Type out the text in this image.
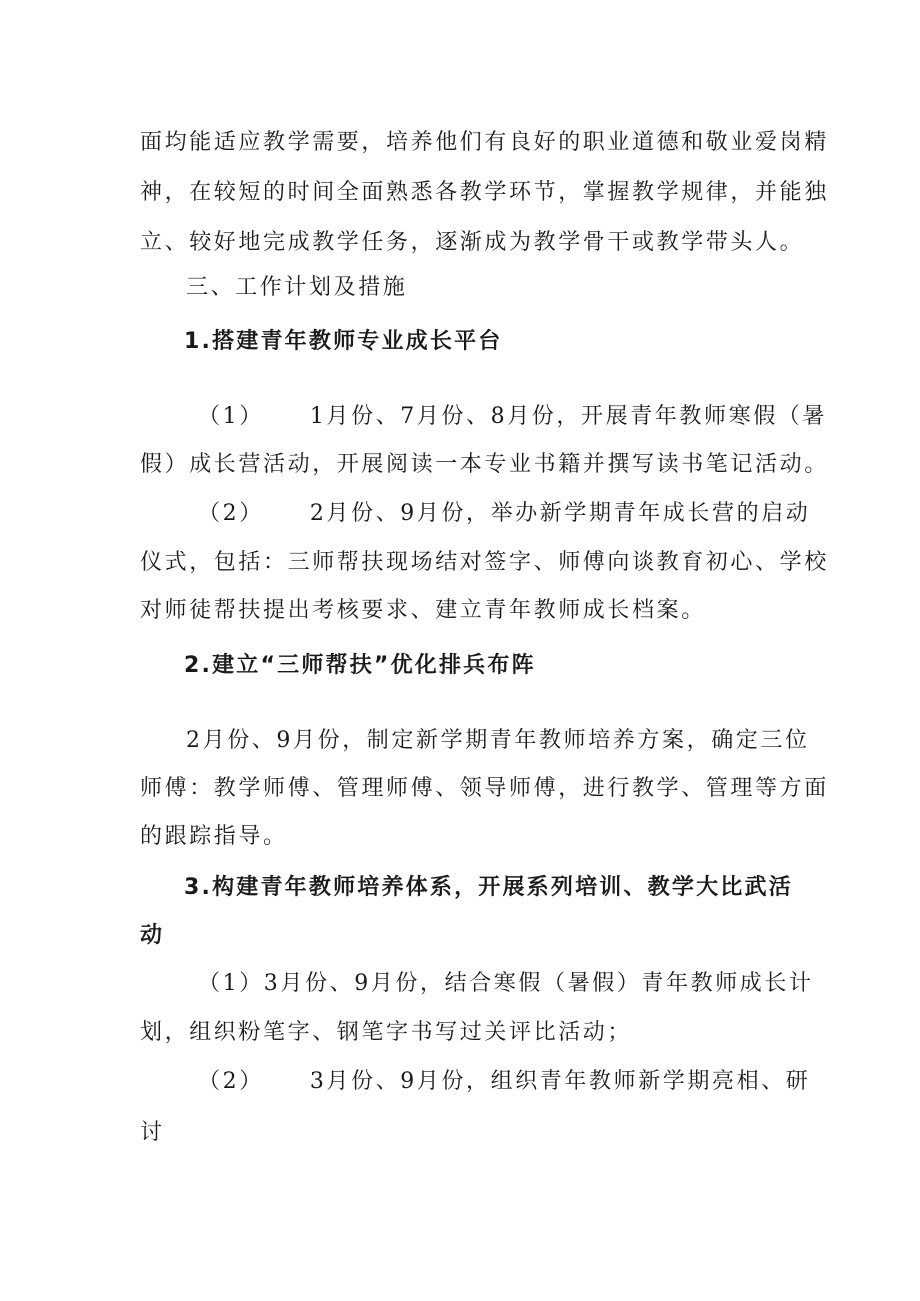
面均能适应教学需要，培养他们有良好的职业道德和敬业爱岗精
神，在较短的时间全面熟悉各教学环节，掌握教学规律，并能独
立、较好地完成教学任务，逐渐成为教学骨干或教学带头人。
三、工作计划及措施
1.搭建青年教师专业成长平台
（1） 1月份、7月份、8月份，开展青年教师寒假（暑
假）成长营活动，开展阅读一本专业书籍并撰写读书笔记活动。
（2） 2月份、9月份，举办新学期青年成长营的启动
仪式，包括：三师帮扶现场结对签字、师傅向谈教育初心、学校
对师徒帮扶提出考核要求、建立青年教师成长档案。
2.建立“三师帮扶”优化排兵布阵
2月份、9月份，制定新学期青年教师培养方案，确定三位
师傅：教学师傅、管理师傅、领导师傅，进行教学、管理等方面
的跟踪指导。
3.构建青年教师培养体系，开展系列培训、教学大比武活
动
（1）3月份、9月份，结合寒假（暑假）青年教师成长计
划，组织粉笔字、钢笔字书写过关评比活动；
（2） 3月份、9月份，组织青年教师新学期亮相、研
讨
